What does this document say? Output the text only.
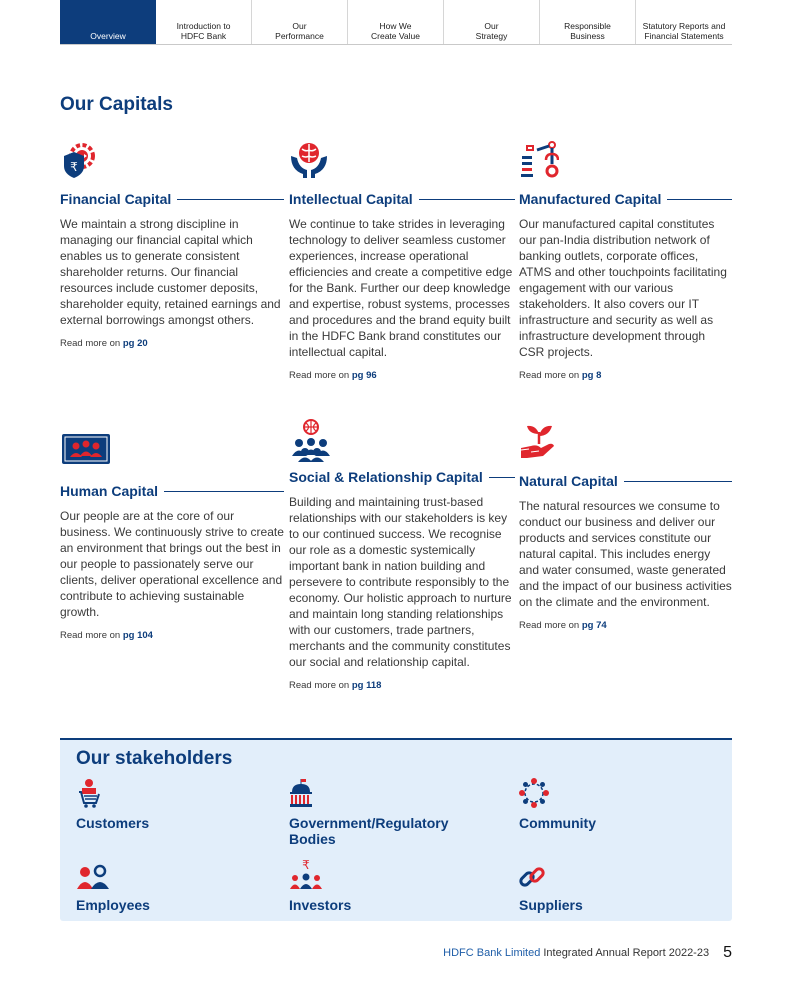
Overview
Introduction to
HDFC Bank
Our
Performance
How We
Create Value
Our
Strategy
Responsible
Business
Statutory Reports and
Financial Statements
Our Capitals
₹
Financial Capital

We maintain a strong discipline in managing our financial capital which enables us to generate consistent shareholder returns. Our financial resources include customer deposits, shareholder equity, retained earnings and external borrowings amongst others.

Read more on pg 20
Intellectual Capital

We continue to take strides in leveraging technology to deliver seamless customer experiences, increase operational efficiencies and create a competitive edge for the Bank. Further our deep knowledge and expertise, robust systems, processes and procedures and the brand equity built in the HDFC Bank brand constitutes our intellectual capital.

Read more on pg 96
Manufactured Capital

Our manufactured capital constitutes our pan-India distribution network of banking outlets, corporate offices, ATMS and other touchpoints facilitating engagement with our various stakeholders. It also covers our IT infrastructure and security as well as infrastructure development through CSR projects.

Read more on pg 8
Human Capital

Our people are at the core of our business. We continuously strive to create an environment that brings out the best in our people to passionately serve our clients, deliver operational excellence and contribute to achieving sustainable growth.

Read more on pg 104
Social & Relationship Capital

Building and maintaining trust-based relationships with our stakeholders is key to our continued success. We recognise our role as a domestic systemically important bank in nation building and persevere to contribute responsibly to the economy. Our holistic approach to nurture and maintain long standing relationships with our customers, trade partners, merchants and the community constitutes our social and relationship capital.

Read more on pg 118
Natural Capital

The natural resources we consume to conduct our business and deliver our products and services constitute our natural capital. This includes energy and water consumed, waste generated and the impact of our business activities on the climate and the environment.

Read more on pg 74
Our stakeholders
Customers	Government/Regulatory
Bodies
Community
Employees
₹
Investors	Suppliers
HDFC Bank Limited Integrated Annual Report 2022-23 5
